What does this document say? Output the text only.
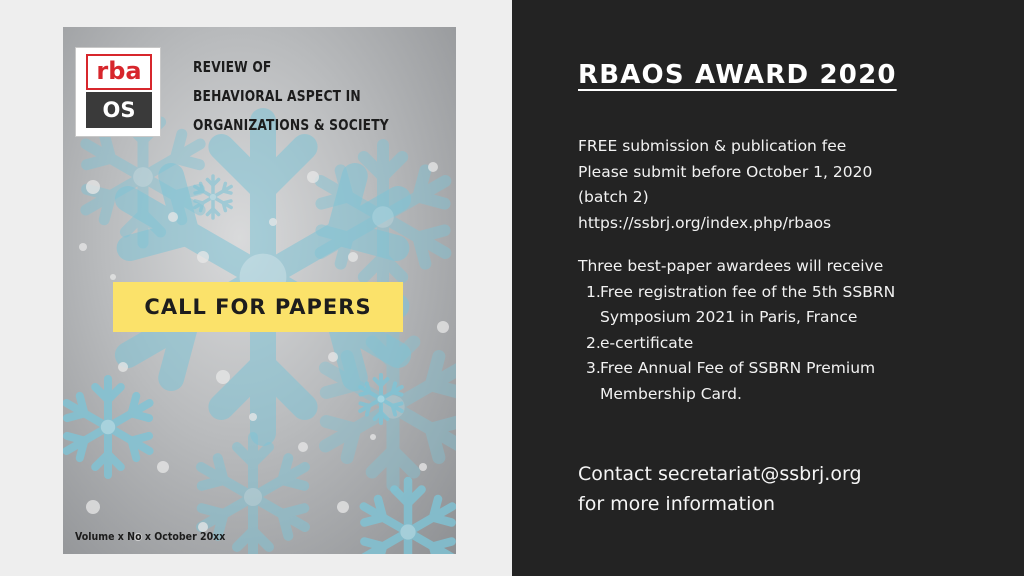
rba
OS
REVIEW OF
BEHAVIORAL ASPECT IN
ORGANIZATIONS & SOCIETY
CALL FOR PAPERS
Volume x No x October 20xx
RBAOS AWARD 2020
FREE submission & publication fee
Please submit before October 1, 2020
(batch 2)
https://ssbrj.org/index.php/rbaos
Three best-paper awardees will receive
1. Free registration fee of the 5th SSBRN
Symposium 2021 in Paris, France
2. e-certificate
3. Free Annual Fee of SSBRN Premium
Membership Card.
Contact secretariat@ssbrj.org
for more information
